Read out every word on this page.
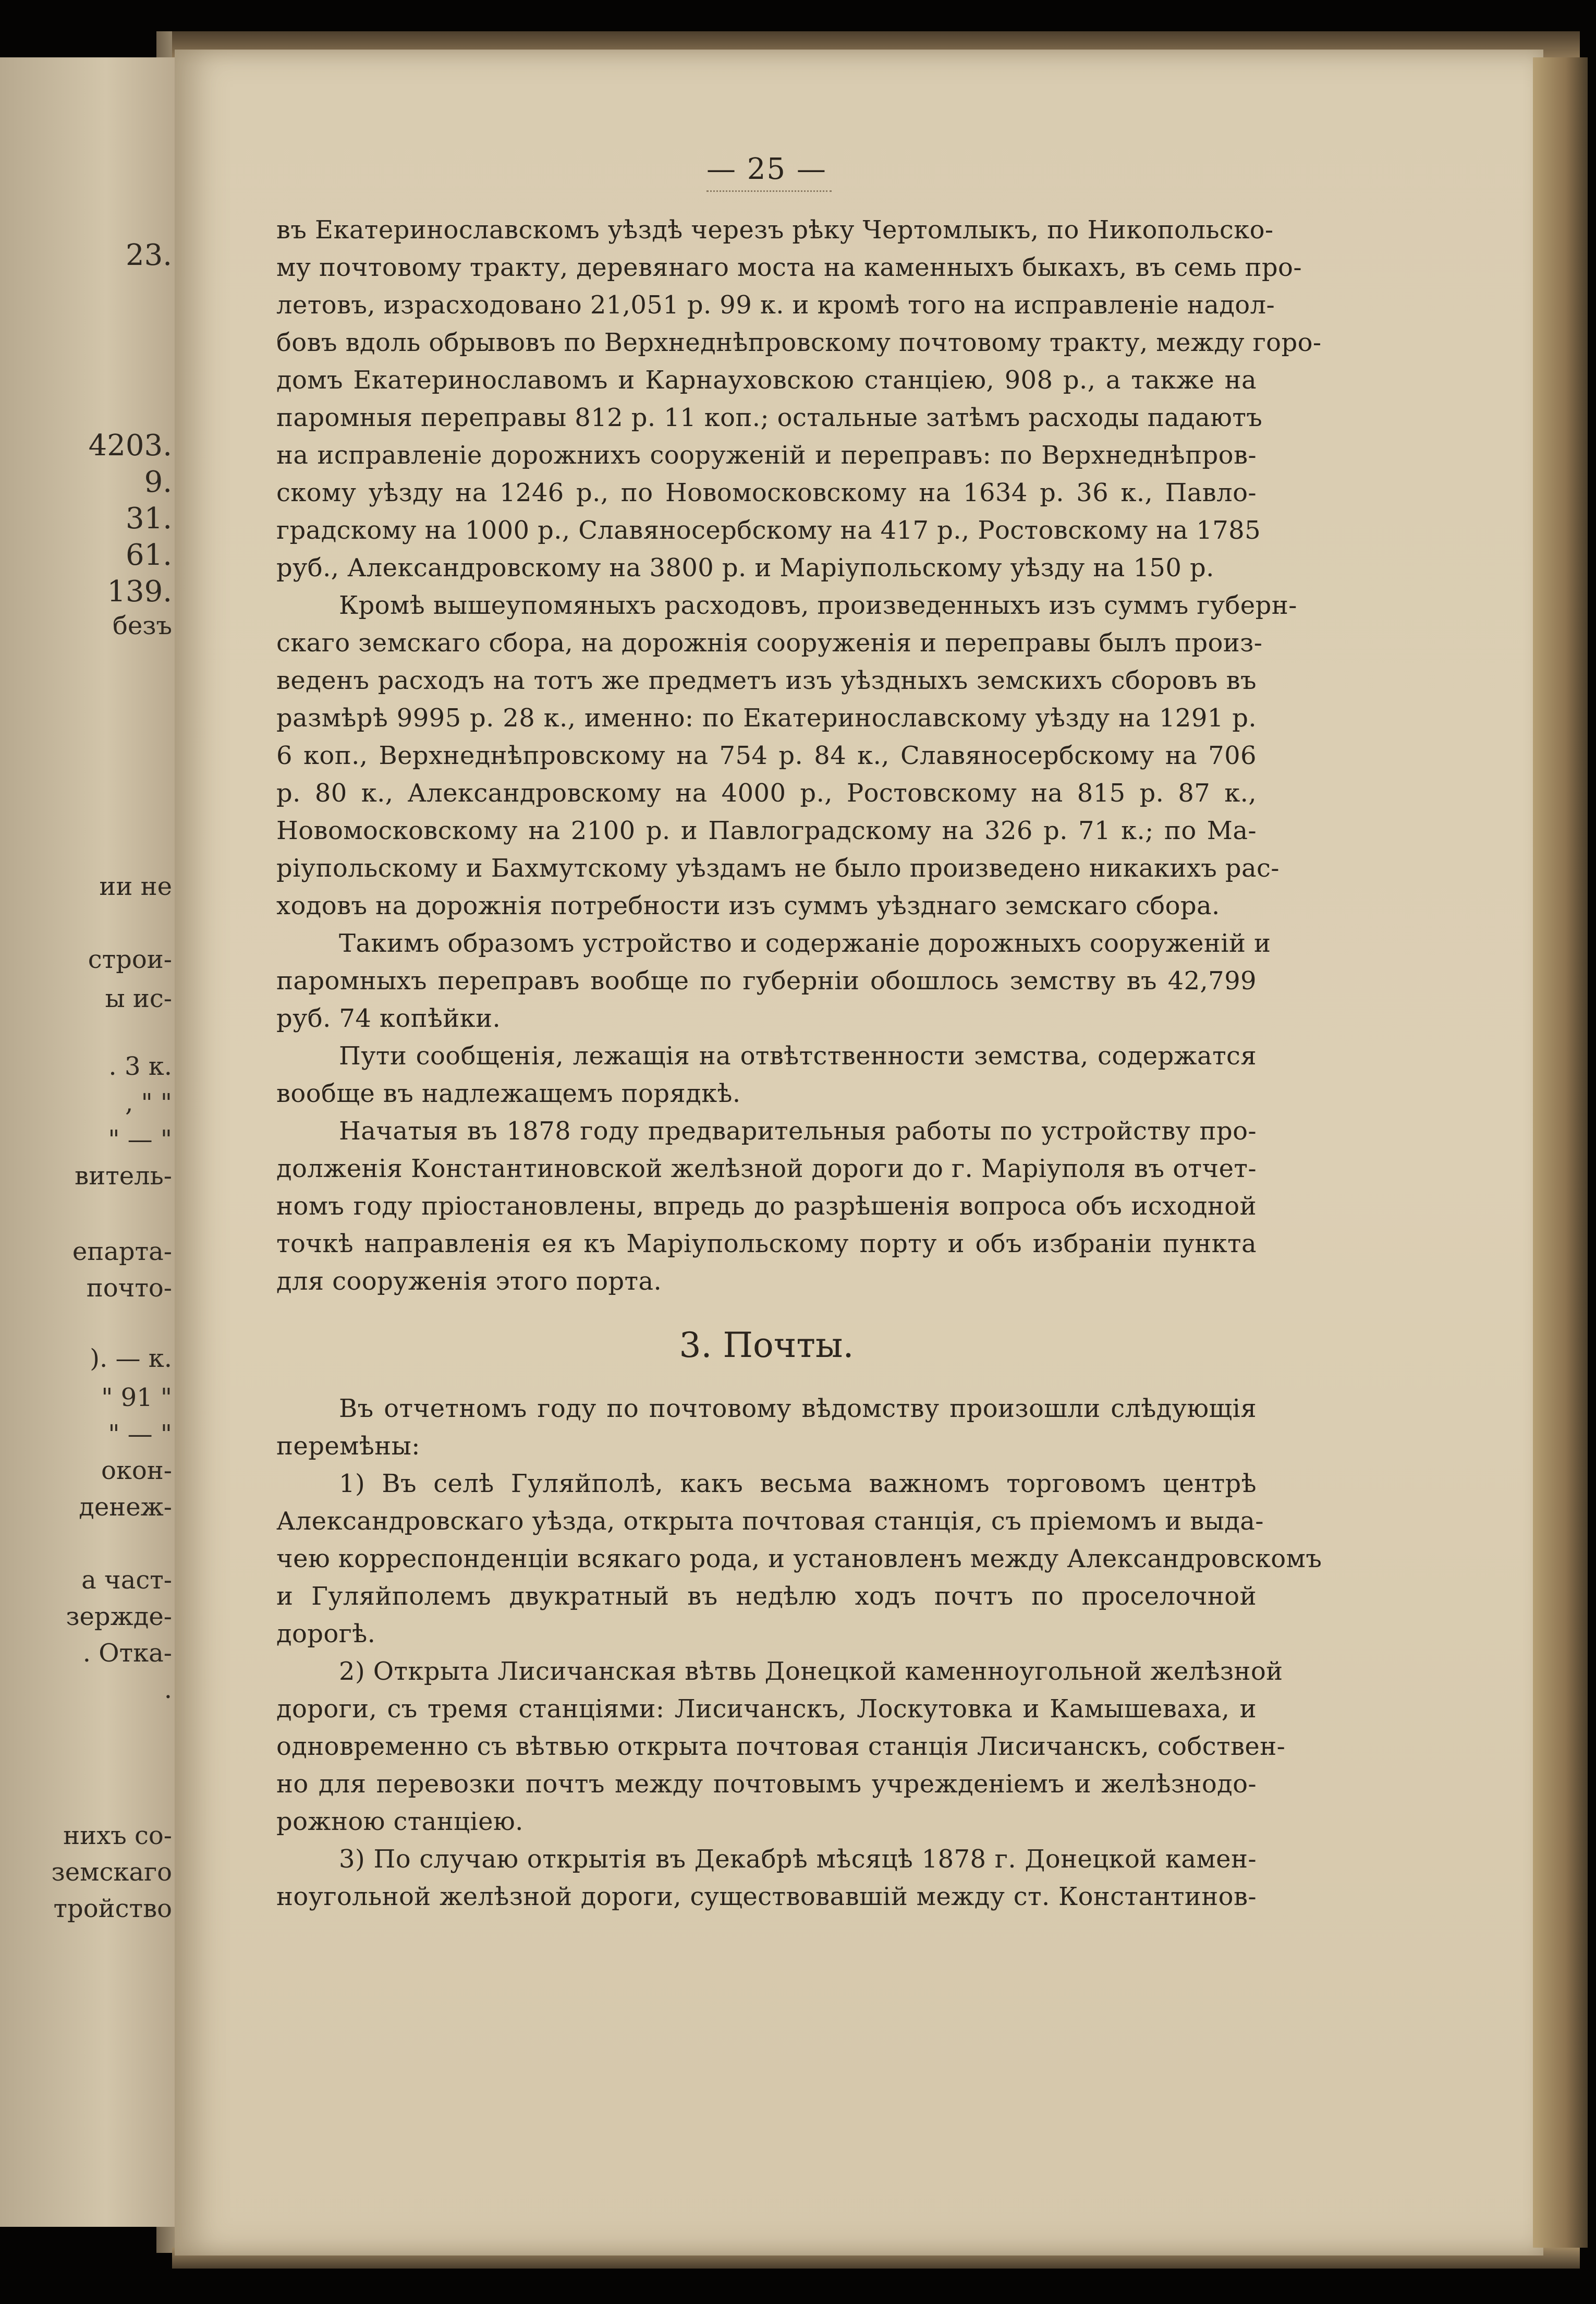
23.
4203.
9.
31.
61.
139.
безъ
ии не
строи-
ы ис-
. 3 к.
, " "
" — "
витель-
епарта-
почто-
). — к.
" 91 "
" — "
окон-
денеж-
а част-
зержде-
. Отка-
.
нихъ со-
земскаго
тройство
— 25 —
въ Екатеринославскомъ уѣздѣ черезъ рѣку Чертомлыкъ, по Никопольско-
му почтовому тракту, деревянаго моста на каменныхъ быкахъ, въ семь про-
летовъ, израсходовано 21,051 р. 99 к. и кромѣ того на исправленіе надол-
бовъ вдоль обрывовъ по Верхнеднѣпровскому почтовому тракту, между горо-
домъ Екатеринославомъ и Карнауховскою станціею, 908 р., а также на
паромныя переправы 812 р. 11 коп.; остальные затѣмъ расходы падаютъ
на исправленіе дорожнихъ сооруженій и переправъ: по Верхнеднѣпров-
скому уѣзду на 1246 р., по Новомосковскому на 1634 р. 36 к., Павло-
градскому на 1000 р., Славяносербскому на 417 р., Ростовскому на 1785
руб., Александровскому на 3800 р. и Маріупольскому уѣзду на 150 р.
Кромѣ вышеупомяныхъ расходовъ, произведенныхъ изъ суммъ губерн-
скаго земскаго сбора, на дорожнія сооруженія и переправы былъ произ-
веденъ расходъ на тотъ же предметъ изъ уѣздныхъ земскихъ сборовъ въ
размѣрѣ 9995 р. 28 к., именно: по Екатеринославскому уѣзду на 1291 р.
6 коп., Верхнеднѣпровскому на 754 р. 84 к., Славяносербскому на 706
р. 80 к., Александровскому на 4000 р., Ростовскому на 815 р. 87 к.,
Новомосковскому на 2100 р. и Павлоградскому на 326 р. 71 к.; по Ма-
ріупольскому и Бахмутскому уѣздамъ не было произведено никакихъ рас-
ходовъ на дорожнія потребности изъ суммъ уѣзднаго земскаго сбора.
Такимъ образомъ устройство и содержаніе дорожныхъ сооруженій и
паромныхъ переправъ вообще по губерніи обошлось земству въ 42,799
руб. 74 копѣйки.
Пути сообщенія, лежащія на отвѣтственности земства, содержатся
вообще въ надлежащемъ порядкѣ.
Начатыя въ 1878 году предварительныя работы по устройству про-
долженія Константиновской желѣзной дороги до г. Маріуполя въ отчет-
номъ году пріостановлены, впредь до разрѣшенія вопроса объ исходной
точкѣ направленія ея къ Маріупольскому порту и объ избраніи пункта
для сооруженія этого порта.
3. Почты.
Въ отчетномъ году по почтовому вѣдомству произошли слѣдующія
перемѣны:
1) Въ селѣ Гуляйполѣ, какъ весьма важномъ торговомъ центрѣ
Александровскаго уѣзда, открыта почтовая станція, съ пріемомъ и выда-
чею корреспонденціи всякаго рода, и установленъ между Александровскомъ
и Гуляйполемъ двукратный въ недѣлю ходъ почтъ по проселочной
дорогѣ.
2) Открыта Лисичанская вѣтвь Донецкой каменноугольной желѣзной
дороги, съ тремя станціями: Лисичанскъ, Лоскутовка и Камышеваха, и
одновременно съ вѣтвью открыта почтовая станція Лисичанскъ, собствен-
но для перевозки почтъ между почтовымъ учрежденіемъ и желѣзнодо-
рожною станціею.
3) По случаю открытія въ Декабрѣ мѣсяцѣ 1878 г. Донецкой камен-
ноугольной желѣзной дороги, существовавшій между ст. Константинов-
